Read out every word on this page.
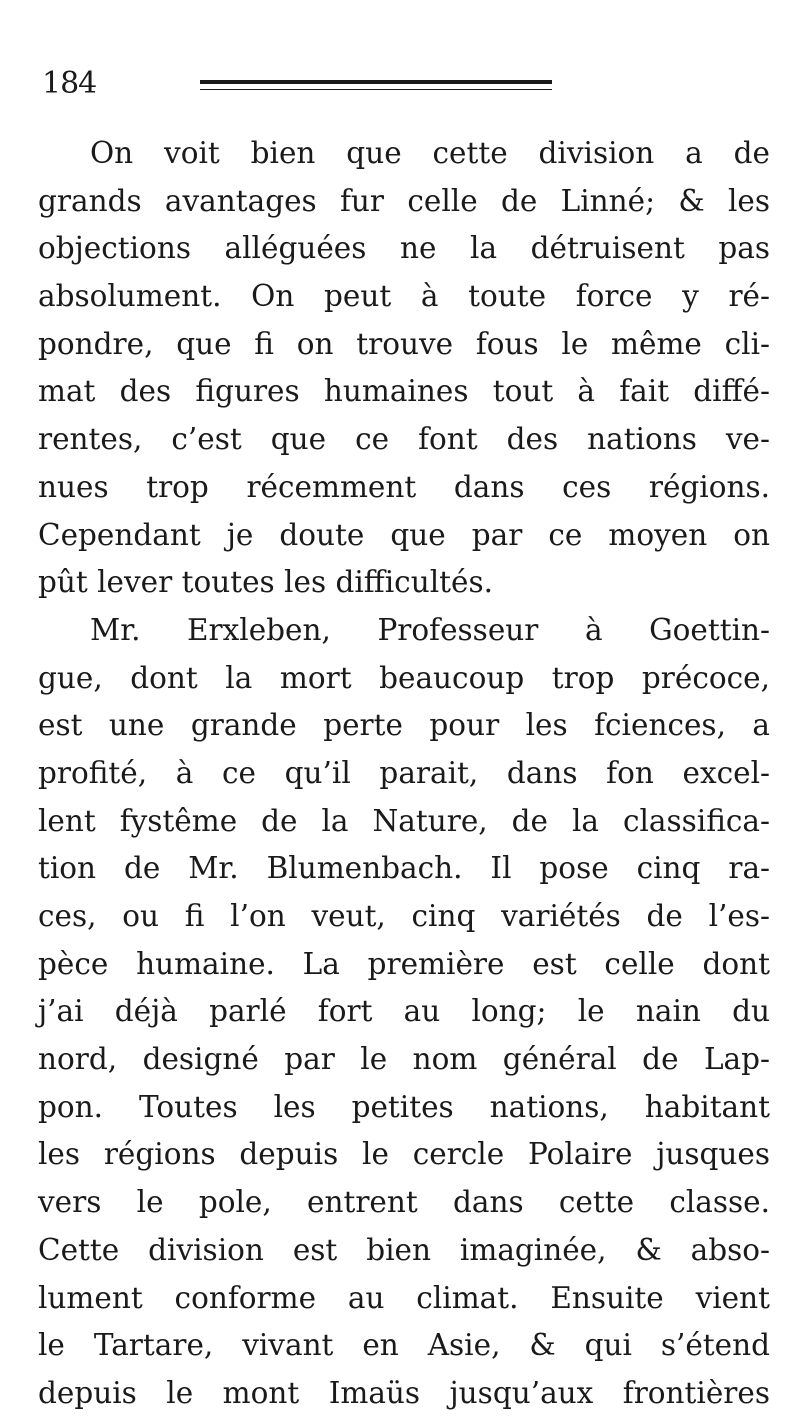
184
On voit bien que cette division a de
grands avantages fur celle de Linné; & les
objections alléguées ne la détruisent pas
absolument. On peut à toute force y ré-
pondre, que fi on trouve fous le même cli-
mat des figures humaines tout à fait diffé-
rentes, c’est que ce font des nations ve-
nues trop récemment dans ces régions.
Cependant je doute que par ce moyen on
pût lever toutes les difficultés.
Mr. Erxleben, Professeur à Goettin-
gue, dont la mort beaucoup trop précoce,
est une grande perte pour les fciences, a
profité, à ce qu’il parait, dans fon excel-
lent fystême de la Nature, de la classifica-
tion de Mr. Blumenbach. Il pose cinq ra-
ces, ou fi l’on veut, cinq variétés de l’es-
pèce humaine. La première est celle dont
j’ai déjà parlé fort au long; le nain du
nord, designé par le nom général de Lap-
pon. Toutes les petites nations, habitant
les régions depuis le cercle Polaire jusques
vers le pole, entrent dans cette classe.
Cette division est bien imaginée, & abso-
lument conforme au climat. Ensuite vient
le Tartare, vivant en Asie, & qui s’étend
depuis le mont Imaüs jusqu’aux frontières
